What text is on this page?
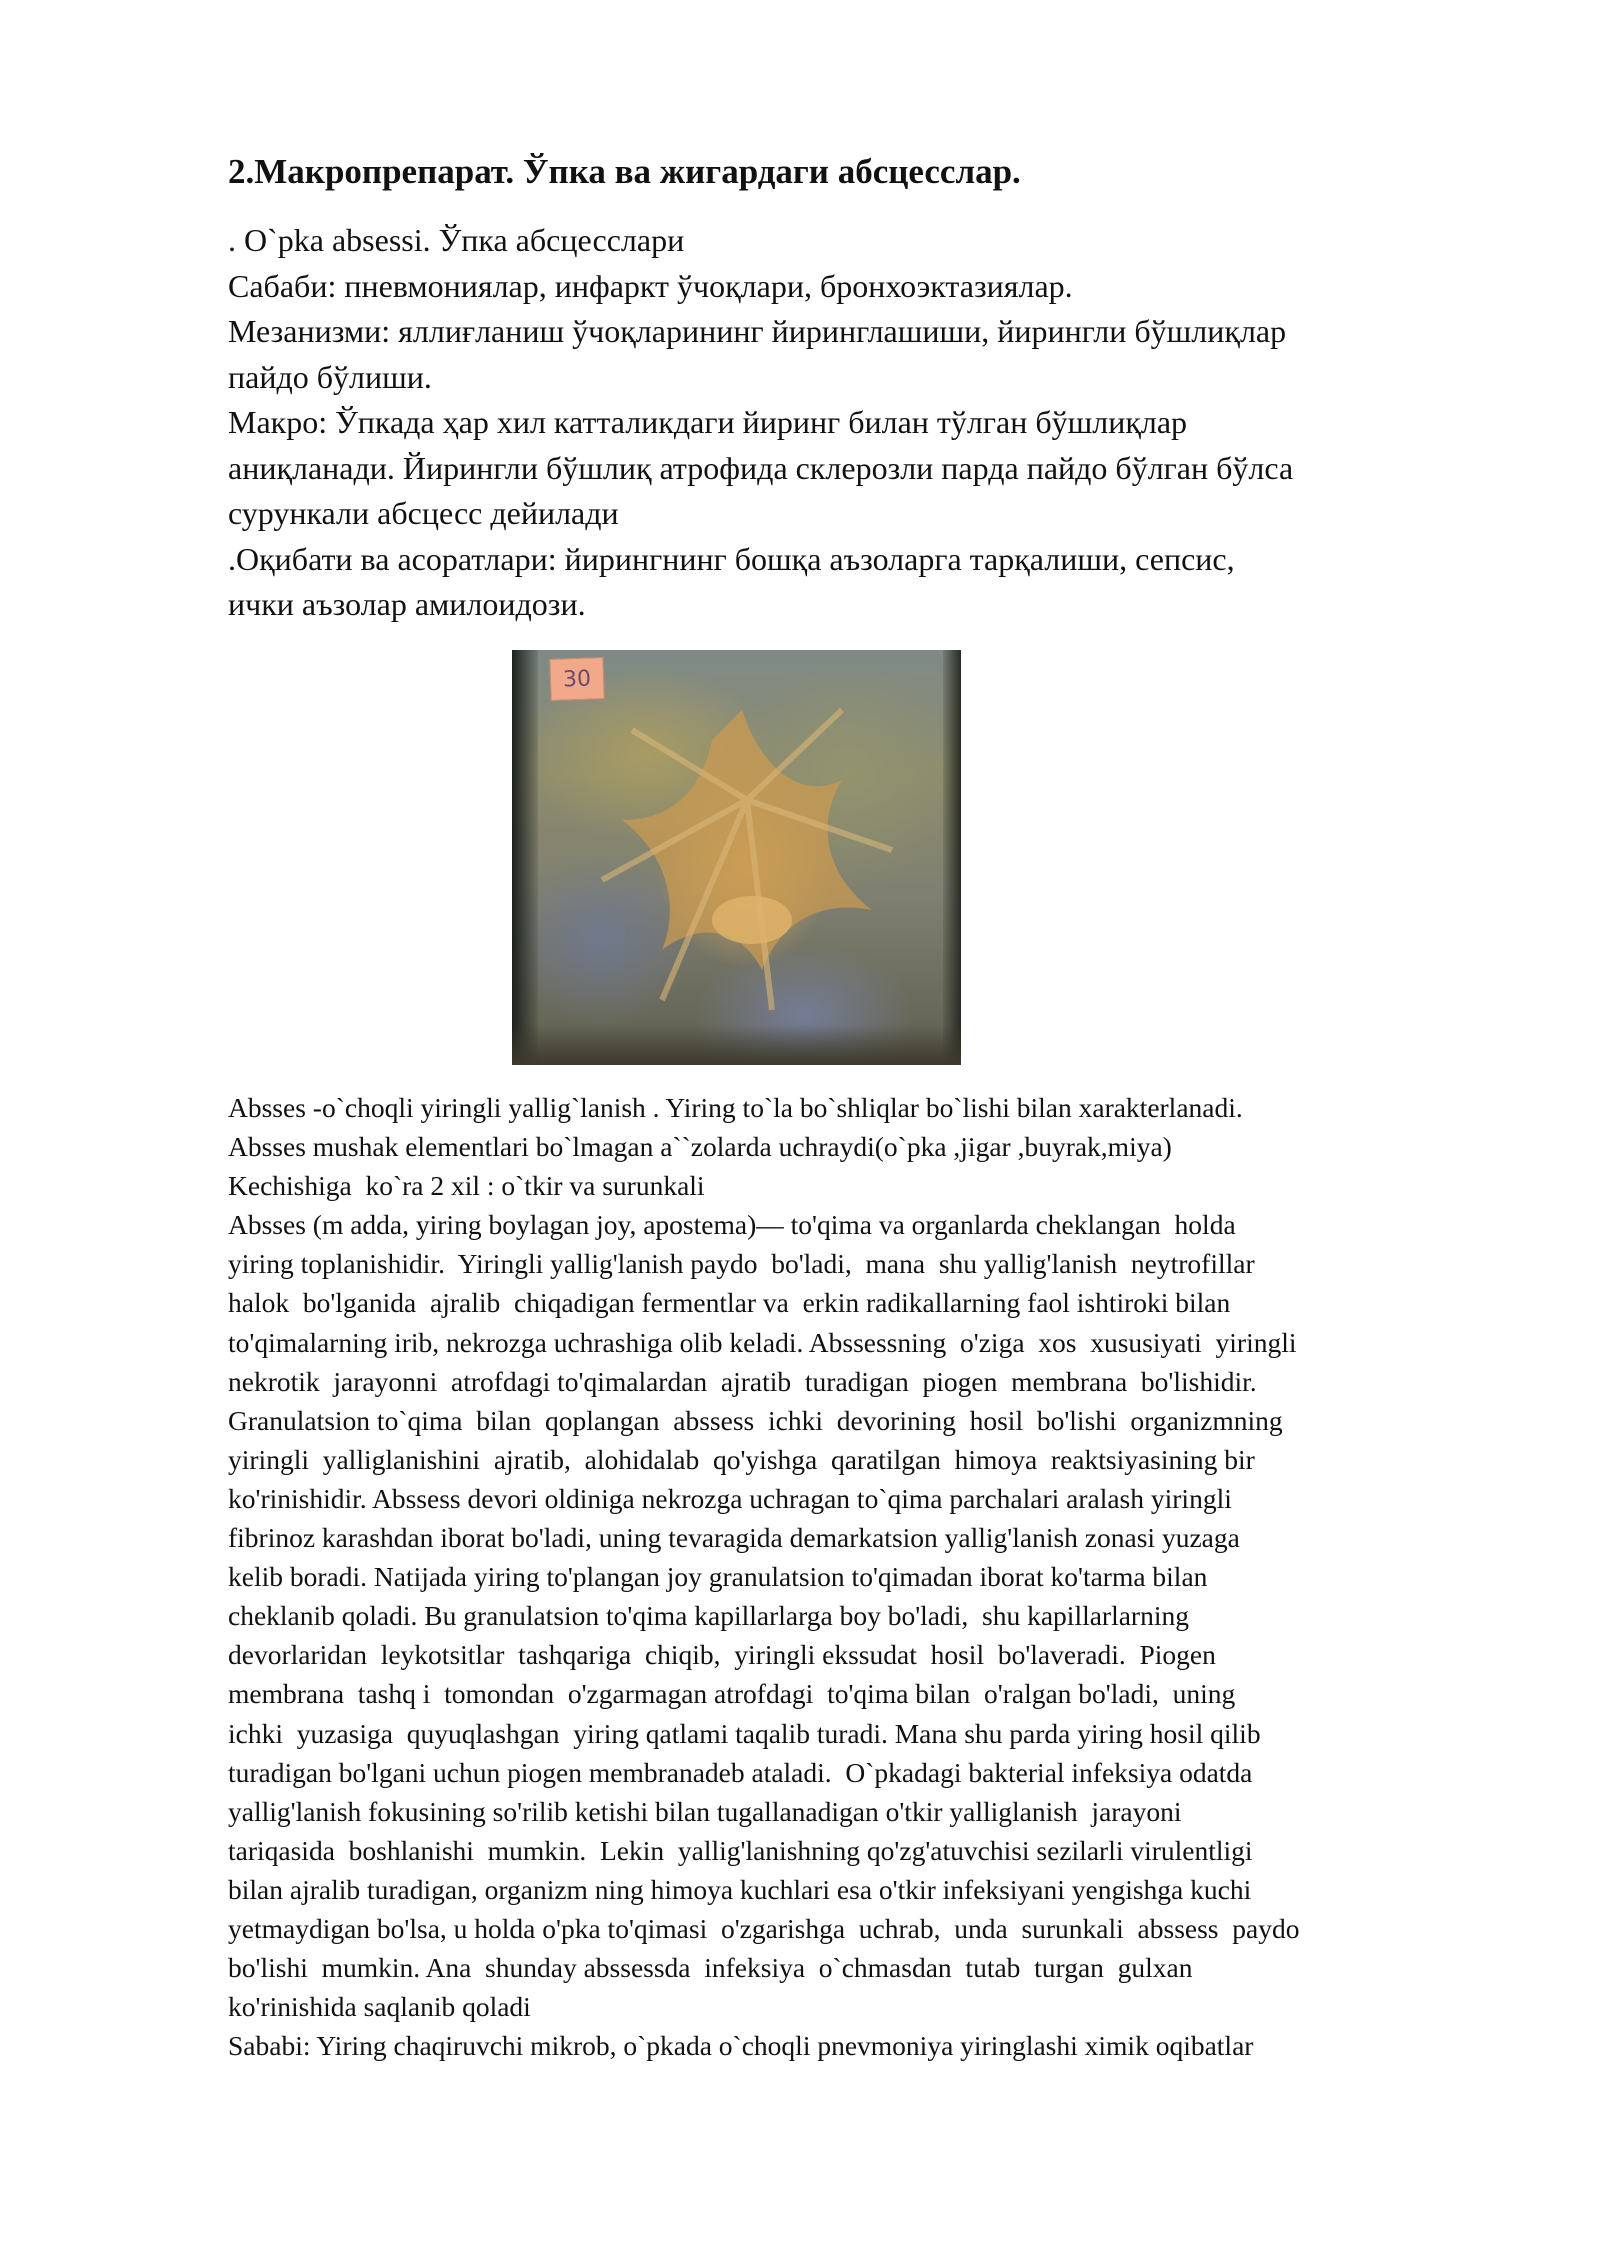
2.Макропрепарат. Ўпка ва жигардаги абсцесслар.
. O`pka absessi. Ўпка абсцесслари
Сабаби: пневмониялар, инфаркт ўчоқлари, бронхоэктазиялар.
Мезанизми: яллиғланиш ўчоқларининг йиринглашиши, йирингли бўшлиқлар
пайдо бўлиши.
Макро: Ўпкада ҳар хил катталикдаги йиринг билан тўлган бўшлиқлар
аниқланади. Йирингли бўшлиқ атрофида склерозли парда пайдо бўлган бўлса
сурункали абсцесс дейилади
.Оқибати ва асоратлари: йирингнинг бошқа аъзоларга тарқалиши, сепсис,
ички аъзолар амилоидози.
30
Absses -o`choqli yiringli yallig`lanish . Yiring to`la bo`shliqlar bo`lishi bilan xarakterlanadi.
Absses mushak elementlari bo`lmagan a``zolarda uchraydi(o`pka ,jigar ,buyrak,miya)
Kechishiga  ko`ra 2 xil : o`tkir va surunkali
Absses (m adda, yiring boylagan joy, apostema)— to'qima va organlarda cheklangan  holda
yiring toplanishidir.  Yiringli yallig'lanish paydo  bo'ladi,  mana  shu yallig'lanish  neytrofillar
halok  bo'lganida  ajralib  chiqadigan fermentlar va  erkin radikallarning faol ishtiroki bilan
to'qimalarning irib, nekrozga uchrashiga olib keladi. Abssessning  o'ziga  xos  xususiyati  yiringli
nekrotik  jarayonni  atrofdagi to'qimalardan  ajratib  turadigan  piogen  membrana  bo'lishidir.
Granulatsion to`qima  bilan  qoplangan  abssess  ichki  devorining  hosil  bo'lishi  organizmning
yiringli  yalliglanishini  ajratib,  alohidalab  qo'yishga  qaratilgan  himoya  reaktsiyasining bir
ko'rinishidir. Abssess devori oldiniga nekrozga uchragan to`qima parchalari aralash yiringli
fibrinoz karashdan iborat bo'ladi, uning tevaragida demarkatsion yallig'lanish zonasi yuzaga
kelib boradi. Natijada yiring to'plangan joy granulatsion to'qimadan iborat ko'tarma bilan
cheklanib qoladi. Bu granulatsion to'qima kapillarlarga boy bo'ladi,  shu kapillarlarning
devorlaridan  leykotsitlar  tashqariga  chiqib,  yiringli ekssudat  hosil  bo'laveradi.  Piogen
membrana  tashq i  tomondan  o'zgarmagan atrofdagi  to'qima bilan  o'ralgan bo'ladi,  uning
ichki  yuzasiga  quyuqlashgan  yiring qatlami taqalib turadi. Mana shu parda yiring hosil qilib
turadigan bo'lgani uchun piogen membranadeb ataladi.  O`pkadagi bakterial infeksiya odatda
yallig'lanish fokusining so'rilib ketishi bilan tugallanadigan o'tkir yalliglanish  jarayoni
tariqasida  boshlanishi  mumkin.  Lekin  yallig'lanishning qo'zg'atuvchisi sezilarli virulentligi
bilan ajralib turadigan, organizm ning himoya kuchlari esa o'tkir infeksiyani yengishga kuchi
yetmaydigan bo'lsa, u holda o'pka to'qimasi  o'zgarishga  uchrab,  unda  surunkali  abssess  paydo
bo'lishi  mumkin. Ana  shunday abssessda  infeksiya  o`chmasdan  tutab  turgan  gulxan
ko'rinishida saqlanib qoladi
Sababi: Yiring chaqiruvchi mikrob, o`pkada o`choqli pnevmoniya yiringlashi ximik oqibatlar
